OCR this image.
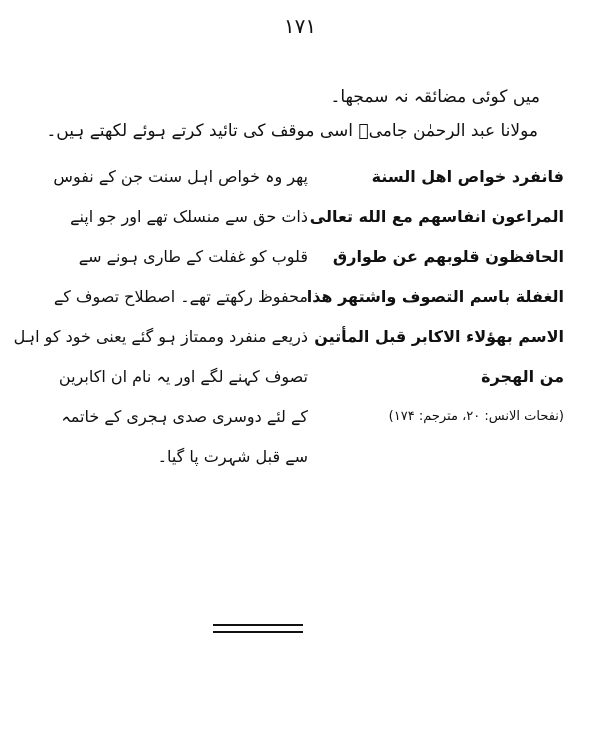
۱۷۱
میں کوئی مضائقہ نہ سمجھا۔
مولانا عبد الرحمٰن جامیؒ اسی موقف کی تائید کرتے ہوئے لکھتے ہیں۔
فانفرد خواص اهل السنة
المراعون انفاسهم مع الله تعالی
الحافظون قلوبهم عن طوارق
الغفلة باسم التصوف واشتهر هذا
الاسم بهؤلاء الاکابر قبل المأتين
من الهجرة
(نفحات الانس: ۲۰، مترجم: ۱۷۴)
پھر وہ خواص اہل سنت جن کے نفوس
ذات حق سے منسلک تھے اور جو اپنے
قلوب کو غفلت کے طاری ہونے سے
محفوظ رکھتے تھے۔ اصطلاح تصوف کے
ذریعے منفرد وممتاز ہو گئے یعنی خود کو اہل
تصوف کہنے لگے اور یہ نام ان اکابرین
کے لئے دوسری صدی ہجری کے خاتمہ
سے قبل شہرت پا گیا۔
